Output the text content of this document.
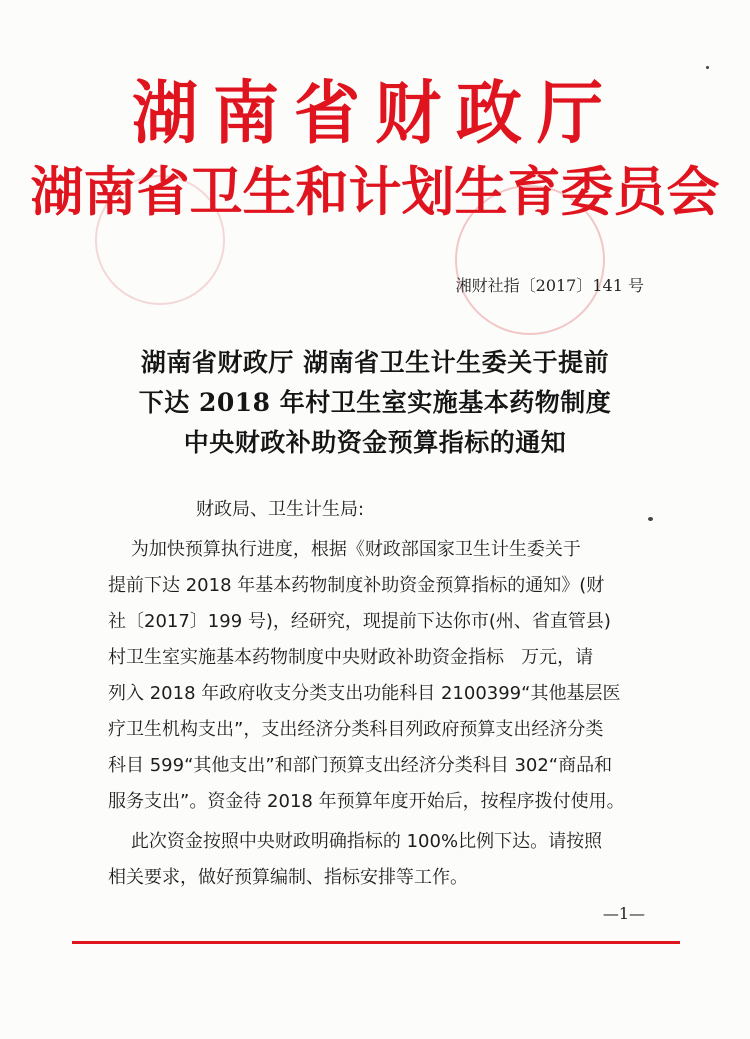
湖南省财政厅
湖南省卫生和计划生育委员会
湘财社指〔2017〕141 号
湖南省财政厅 湖南省卫生计生委关于提前
下达 2018 年村卫生室实施基本药物制度
中央财政补助资金预算指标的通知
财政局、卫生计生局:
为加快预算执行进度，根据《财政部国家卫生计生委关于
提前下达 2018 年基本药物制度补助资金预算指标的通知》(财
社〔2017〕199 号)，经研究，现提前下达你市(州、省直管县)
村卫生室实施基本药物制度中央财政补助资金指标   万元，请
列入 2018 年政府收支分类支出功能科目 2100399“其他基层医
疗卫生机构支出”，支出经济分类科目列政府预算支出经济分类
科目 599“其他支出”和部门预算支出经济分类科目 302“商品和
服务支出”。资金待 2018 年预算年度开始后，按程序拨付使用。
此次资金按照中央财政明确指标的 100%比例下达。请按照
相关要求，做好预算编制、指标安排等工作。
—1—
